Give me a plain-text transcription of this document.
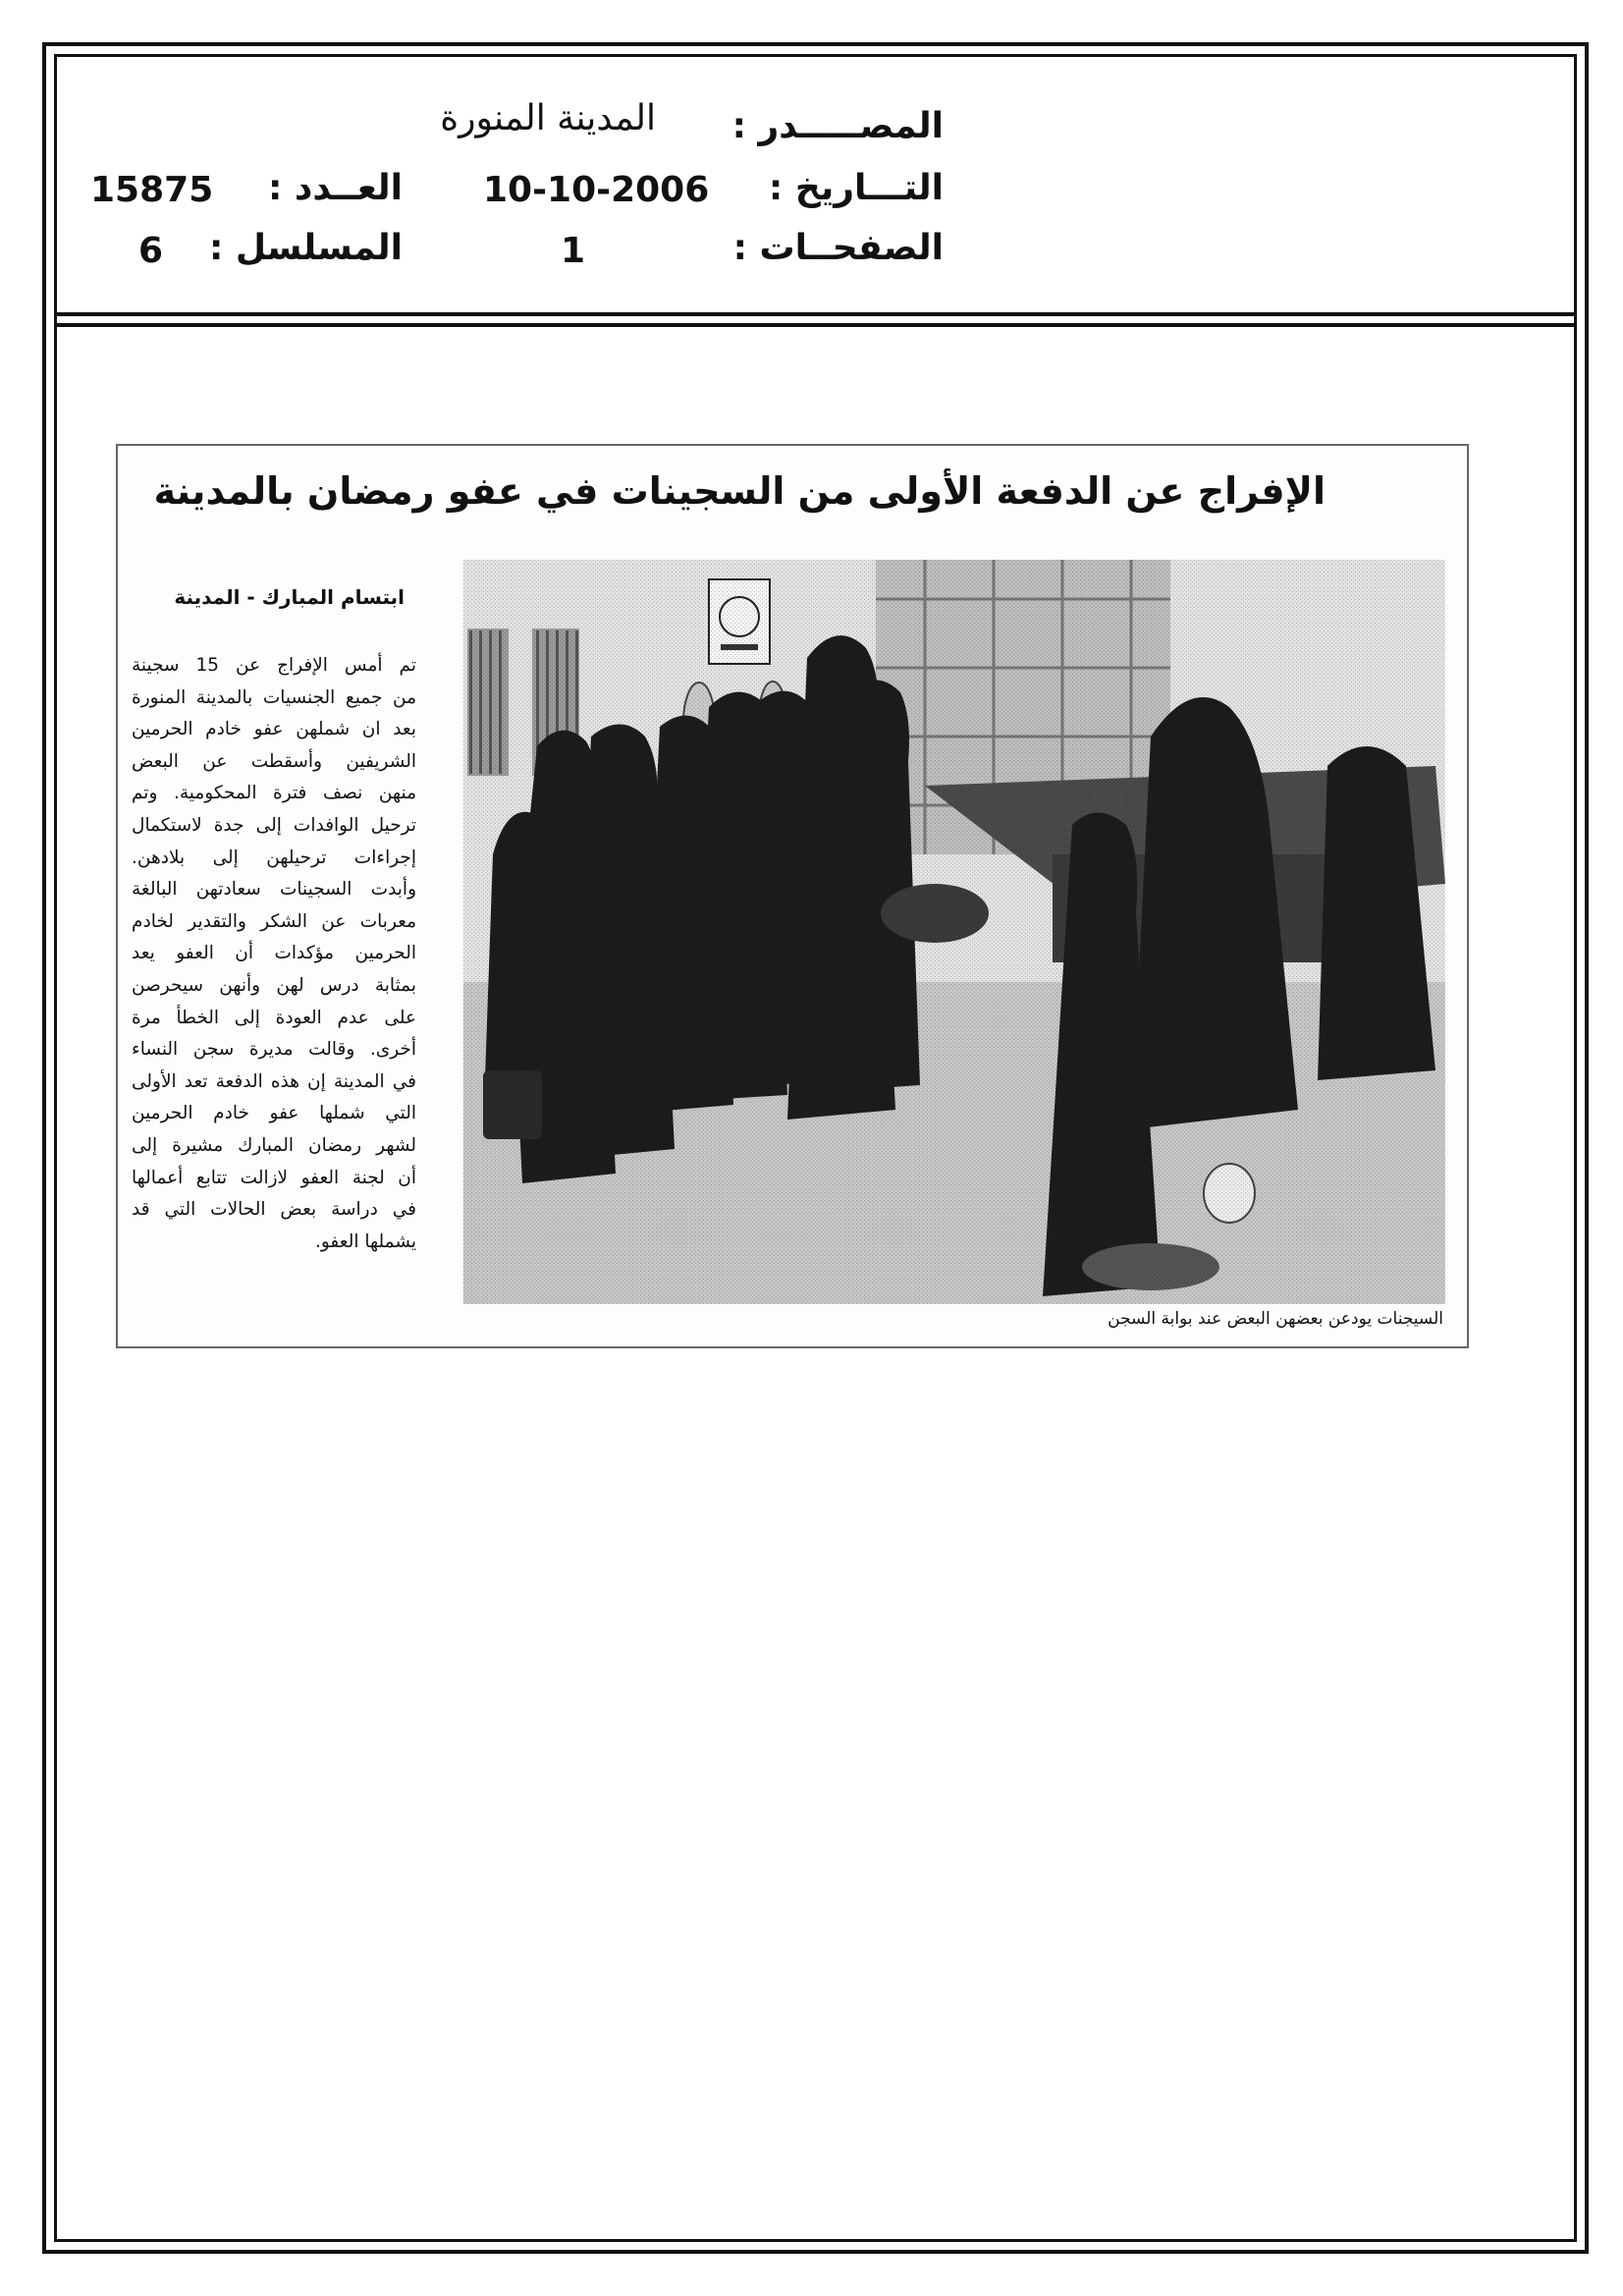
المصـــــدر :
المدينة المنورة
التـــاريخ :
10-10-2006
الصفحــات :
1
العــدد :
15875
المسلسل :
6
الإفراج عن الدفعة الأولى من السجينات في عفو رمضان بالمدينة
ابتسام المبارك - المدينة
تم أمس الإفراج عن 15 سجينة
من جميع الجنسيات بالمدينة المنورة
بعد ان شملهن عفو خادم الحرمين
الشريفين وأسقطت عن البعض
منهن نصف فترة المحكومية. وتم
ترحيل الوافدات إلى جدة لاستكمال
إجراءات ترحيلهن إلى بلادهن.
وأبدت السجينات سعادتهن البالغة
معربات عن الشكر والتقدير لخادم
الحرمين مؤكدات أن العفو يعد
بمثابة درس لهن وأنهن سيحرصن
على عدم العودة إلى الخطأ مرة
أخرى. وقالت مديرة سجن النساء
في المدينة إن هذه الدفعة تعد الأولى
التي شملها عفو خادم الحرمين
لشهر رمضان المبارك مشيرة إلى
أن لجنة العفو لازالت تتابع أعمالها
في دراسة بعض الحالات التي قد
يشملها العفو.
السيجنات يودعن بعضهن البعض عند بوابة السجن
